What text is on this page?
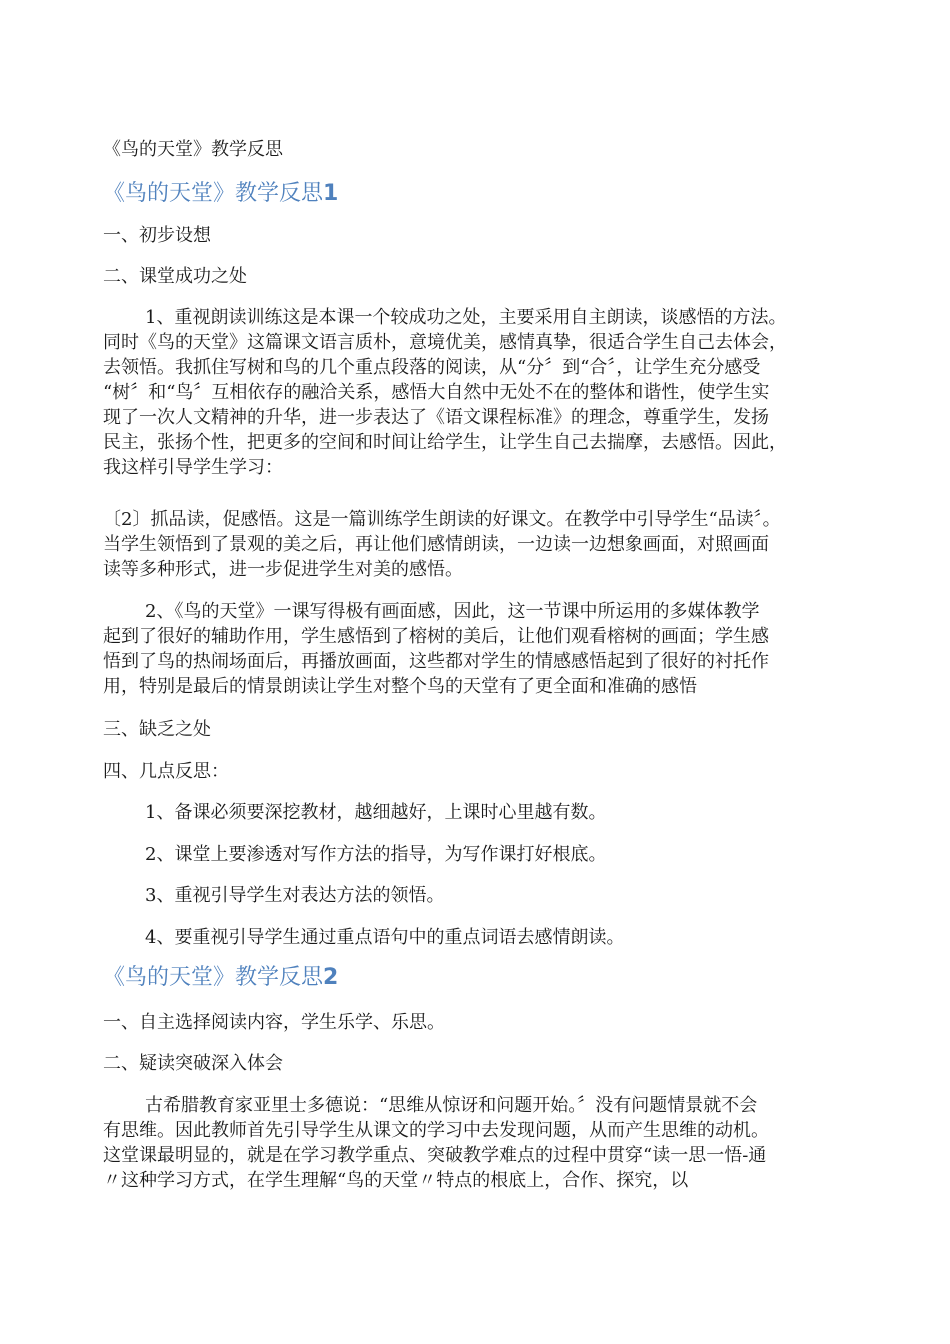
《鸟的天堂》教学反思
《鸟的天堂》教学反思1
一、初步设想
二、课堂成功之处
1、重视朗读训练这是本课一个较成功之处，主要采用自主朗读，谈感悟的方法。
同时《鸟的天堂》这篇课文语言质朴，意境优美，感情真挚，很适合学生自己去体会，
去领悟。我抓住写树和鸟的几个重点段落的阅读，从“分〞到“合〞，让学生充分感受
“树〞和“鸟〞互相依存的融洽关系，感悟大自然中无处不在的整体和谐性，使学生实
现了一次人文精神的升华，进一步表达了《语文课程标准》的理念，尊重学生，发扬
民主，张扬个性，把更多的空间和时间让给学生，让学生自己去揣摩，去感悟。因此，
我这样引导学生学习：
〔2〕抓品读，促感悟。这是一篇训练学生朗读的好课文。在教学中引导学生“品读〞。
当学生领悟到了景观的美之后，再让他们感情朗读，一边读一边想象画面，对照画面
读等多种形式，进一步促进学生对美的感悟。
2、《鸟的天堂》一课写得极有画面感，因此，这一节课中所运用的多媒体教学
起到了很好的辅助作用，学生感悟到了榕树的美后，让他们观看榕树的画面；学生感
悟到了鸟的热闹场面后，再播放画面，这些都对学生的情感感悟起到了很好的衬托作
用，特别是最后的情景朗读让学生对整个鸟的天堂有了更全面和准确的感悟
三、缺乏之处
四、几点反思：
1、备课必须要深挖教材，越细越好，上课时心里越有数。
2、课堂上要渗透对写作方法的指导，为写作课打好根底。
3、重视引导学生对表达方法的领悟。
4、要重视引导学生通过重点语句中的重点词语去感情朗读。
《鸟的天堂》教学反思2
一、自主选择阅读内容，学生乐学、乐思。
二、疑读突破深入体会
古希腊教育家亚里士多德说：“思维从惊讶和问题开始。〞没有问题情景就不会
有思维。因此教师首先引导学生从课文的学习中去发现问题，从而产生思维的动机。
这堂课最明显的，就是在学习教学重点、突破教学难点的过程中贯穿“读一思一悟-通
〃这种学习方式，在学生理解“鸟的天堂〃特点的根底上，合作、探究，以
